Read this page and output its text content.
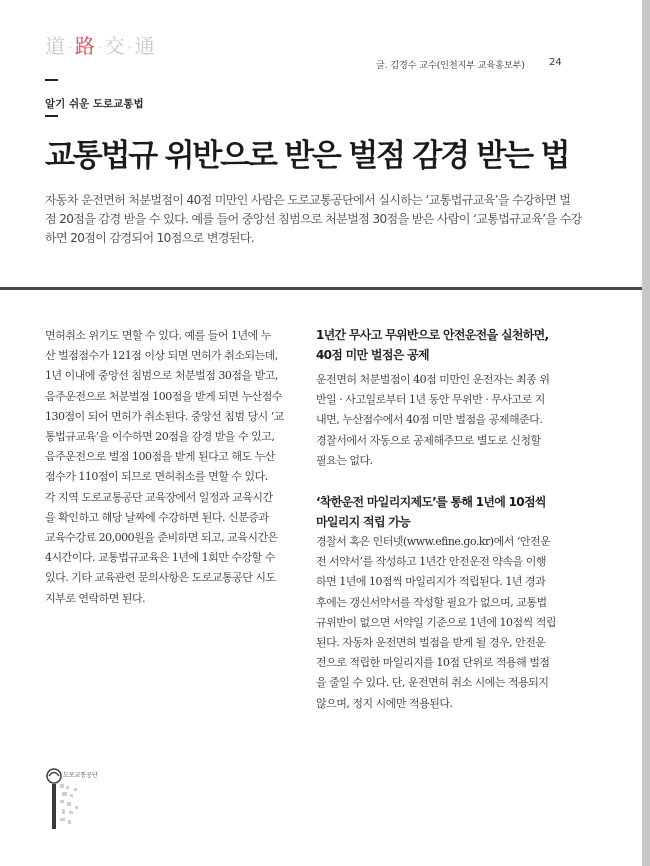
道 · 路 · 交 · 通
글. 김경수 교수(인천지부 교육홍보부) 24
알기 쉬운 도로교통법
교통법규 위반으로 받은 벌점 감경 받는 법

자동차 운전면허 처분벌점이 40점 미만인 사람은 도로교통공단에서 실시하는 ‘교통법규교육’을 수강하면 벌

점 20점을 감경 받을 수 있다. 예를 들어 중앙선 침범으로 처분벌점 30점을 받은 사람이 ‘교통법규교육’을 수강

하면 20점이 감경되어 10점으로 변경된다.

면허취소 위기도 면할 수 있다. 예를 들어 1년에 누

산 벌점점수가 121점 이상 되면 면허가 취소되는데,

1년 이내에 중앙선 침범으로 처분벌점 30점을 받고,

음주운전으로 처분벌점 100점을 받게 되면 누산점수

130점이 되어 면허가 취소된다. 중앙선 침범 당시 ‘교

통법규교육’을 이수하면 20점을 감경 받을 수 있고,

음주운전으로 벌점 100점을 받게 된다고 해도 누산

점수가 110점이 되므로 면허취소를 면할 수 있다.

각 지역 도로교통공단 교육장에서 일정과 교육시간

을 확인하고 해당 날짜에 수강하면 된다. 신분증과

교육수강료 20,000원을 준비하면 되고, 교육시간은

4시간이다. 교통법규교육은 1년에 1회만 수강할 수

있다. 기타 교육관련 문의사항은 도로교통공단 시도

지부로 연락하면 된다.

1년간 무사고 무위반으로 안전운전을 실천하면,

40점 미만 벌점은 공제

운전면허 처분벌점이 40점 미만인 운전자는 최종 위

반일 · 사고일로부터 1년 동안 무위반 · 무사고로 지

내면, 누산점수에서 40점 미만 벌점을 공제해준다.

경찰서에서 자동으로 공제해주므로 별도로 신청할

필요는 없다.

‘착한운전 마일리지제도’를 통해 1년에 10점씩

마일리지 적립 가능

경찰서 혹은 인터넷(www.efine.go.kr)에서 ‘안전운

전 서약서’를 작성하고 1년간 안전운전 약속을 이행

하면 1년에 10점씩 마일리지가 적립된다. 1년 경과

후에는 갱신서약서를 작성할 필요가 없으며, 교통법

규위반이 없으면 서약일 기준으로 1년에 10점씩 적립

된다. 자동차 운전면허 벌점을 받게 될 경우, 안전운

전으로 적립한 마일리지를 10점 단위로 적용해 벌점

을 줄일 수 있다. 단, 운전면허 취소 시에는 적용되지

않으며, 정지 시에만 적용된다.

도로교통공단
